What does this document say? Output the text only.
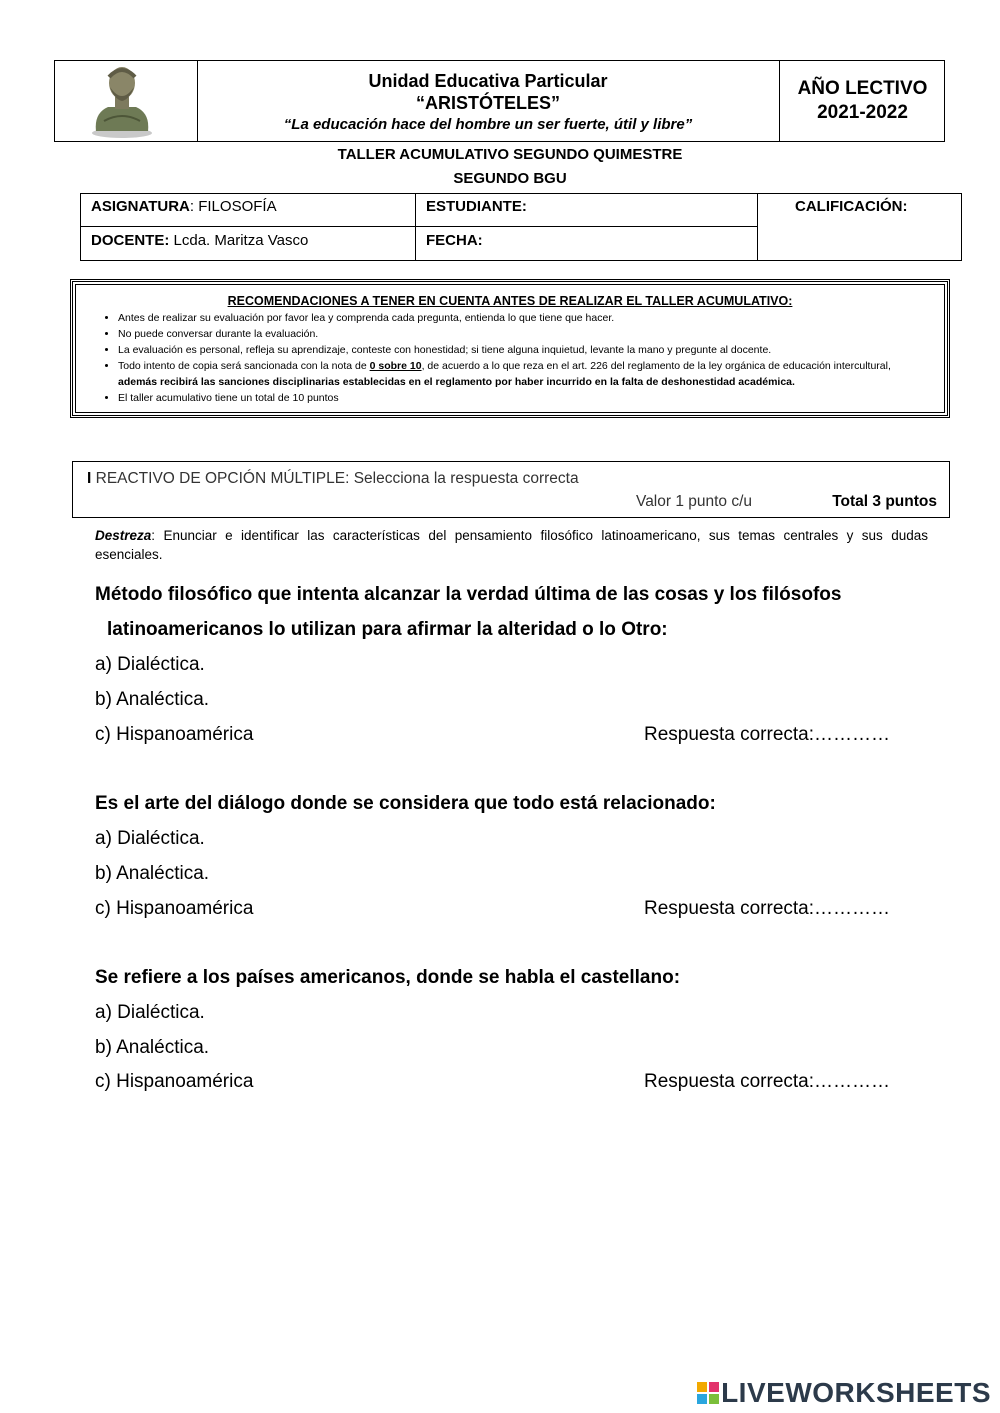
Unidad Educativa Particular
“ARISTÓTELES”
“La educación hace del hombre un ser fuerte, útil y libre”
AÑO LECTIVO
2021-2022
TALLER ACUMULATIVO SEGUNDO QUIMESTRE
SEGUNDO BGU
ASIGNATURA: FILOSOFÍA	ESTUDIANTE:	CALIFICACIÓN:
DOCENTE: Lcda. Maritza Vasco	FECHA:
RECOMENDACIONES A TENER EN CUENTA ANTES DE REALIZAR EL TALLER ACUMULATIVO:
• Antes de realizar su evaluación por favor lea y comprenda cada pregunta, entienda lo que tiene que hacer.
• No puede conversar durante la evaluación.
• La evaluación es personal, refleja su aprendizaje, conteste con honestidad; si tiene alguna inquietud, levante la mano y pregunte al docente.
• Todo intento de copia será sancionada con la nota de 0 sobre 10, de acuerdo a lo que reza en el art. 226 del reglamento de la ley orgánica de educación intercultural,
además recibirá las sanciones disciplinarias establecidas en el reglamento por haber incurrido en la falta de deshonestidad académica.
• El taller acumulativo tiene un total de 10 puntos
I REACTIVO DE OPCIÓN MÚLTIPLE: Selecciona la respuesta correcta
Valor 1 punto c/u	Total 3 puntos
Destreza: Enunciar e identificar las características del pensamiento filosófico latinoamericano, sus temas centrales y sus dudas esenciales.
Método filosófico que intenta alcanzar la verdad última de las cosas y los filósofos
latinoamericanos lo utilizan para afirmar la alteridad o lo Otro:
a) Dialéctica.
b) Analéctica.
c) Hispanoamérica	Respuesta correcta:…………
Es el arte del diálogo donde se considera que todo está relacionado:
a) Dialéctica.
b) Analéctica.
c) Hispanoamérica	Respuesta correcta:…………
Se refiere a los países americanos, donde se habla el castellano:
a) Dialéctica.
b) Analéctica.
c) Hispanoamérica	Respuesta correcta:…………
LIVEWORKSHEETS
